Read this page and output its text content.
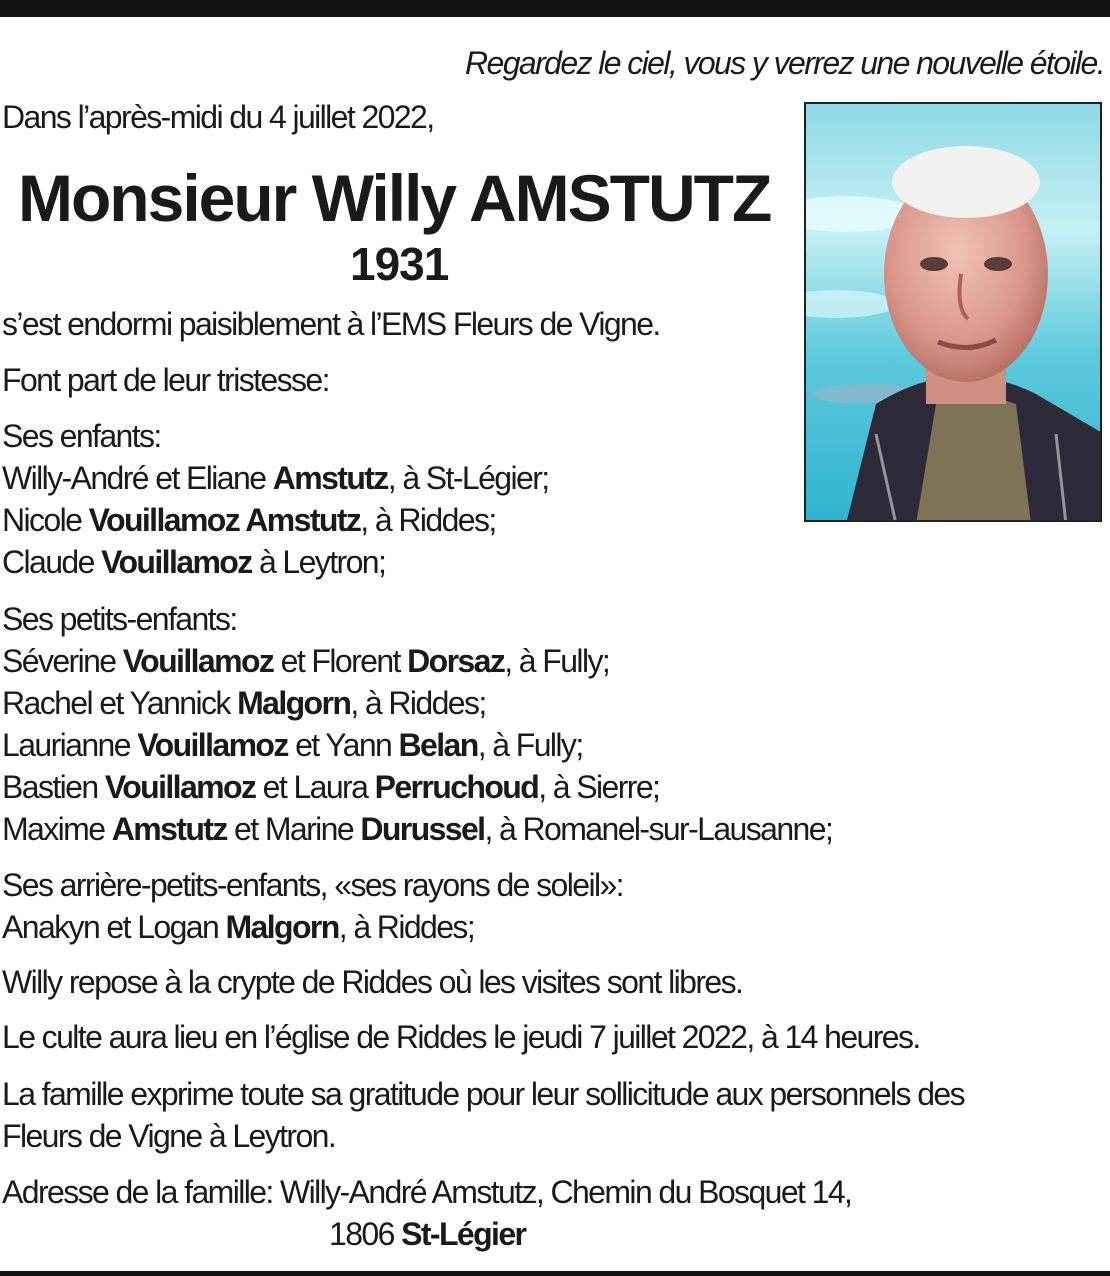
Regardez le ciel, vous y verrez une nouvelle étoile.
Dans l’après-midi du 4 juillet 2022,
Monsieur Willy AMSTUTZ
1931
s’est endormi paisiblement à l’EMS Fleurs de Vigne.
Font part de leur tristesse:
Ses enfants:
Willy-André et Eliane Amstutz, à St-Légier;
Nicole Vouillamoz Amstutz, à Riddes;
Claude Vouillamoz à Leytron;
Ses petits-enfants:
Séverine Vouillamoz et Florent Dorsaz, à Fully;
Rachel et Yannick Malgorn, à Riddes;
Laurianne Vouillamoz et Yann Belan, à Fully;
Bastien Vouillamoz et Laura Perruchoud, à Sierre;
Maxime Amstutz et Marine Durussel, à Romanel-sur-Lausanne;
Ses arrière-petits-enfants, «ses rayons de soleil»:
Anakyn et Logan Malgorn, à Riddes;
Willy repose à la crypte de Riddes où les visites sont libres.
Le culte aura lieu en l’église de Riddes le jeudi 7 juillet 2022, à 14 heures.
La famille exprime toute sa gratitude pour leur sollicitude aux personnels des
Fleurs de Vigne à Leytron.
Adresse de la famille: Willy-André Amstutz, Chemin du Bosquet 14,
1806 St-Légier
